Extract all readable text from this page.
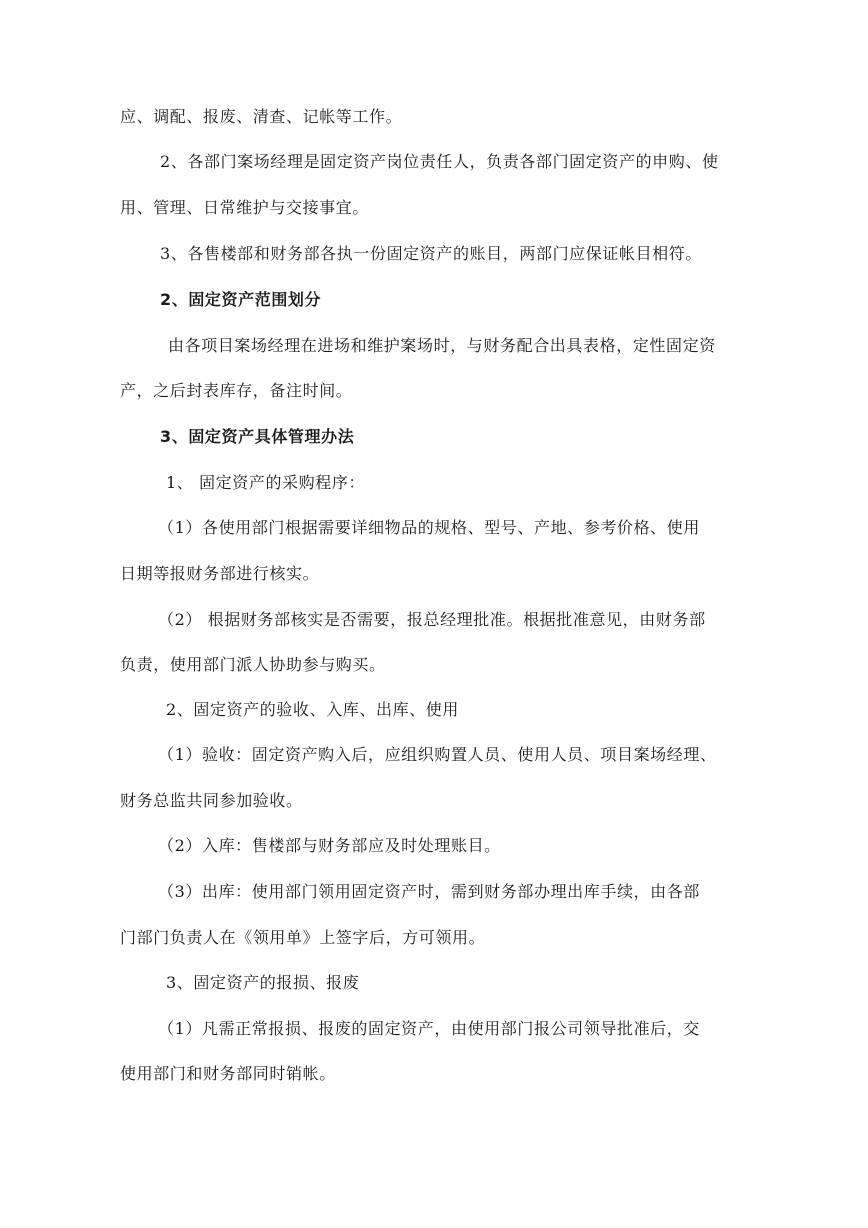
应、调配、报废、清查、记帐等工作。
2、各部门案场经理是固定资产岗位责任人，负责各部门固定资产的申购、使
用、管理、日常维护与交接事宜。
3、各售楼部和财务部各执一份固定资产的账目，两部门应保证帐目相符。
2、固定资产范围划分
由各项目案场经理在进场和维护案场时，与财务配合出具表格，定性固定资
产，之后封表库存，备注时间。
3、固定资产具体管理办法
1、 固定资产的采购程序：
（1）各使用部门根据需要详细物品的规格、型号、产地、参考价格、使用
日期等报财务部进行核实。
（2） 根据财务部核实是否需要，报总经理批准。根据批准意见，由财务部
负责，使用部门派人协助参与购买。
2、固定资产的验收、入库、出库、使用
（1）验收：固定资产购入后，应组织购置人员、使用人员、项目案场经理、
财务总监共同参加验收。
（2）入库：售楼部与财务部应及时处理账目。
（3）出库：使用部门领用固定资产时，需到财务部办理出库手续，由各部
门部门负责人在《领用单》上签字后，方可领用。
3、固定资产的报损、报废
（1）凡需正常报损、报废的固定资产，由使用部门报公司领导批准后，交
使用部门和财务部同时销帐。
